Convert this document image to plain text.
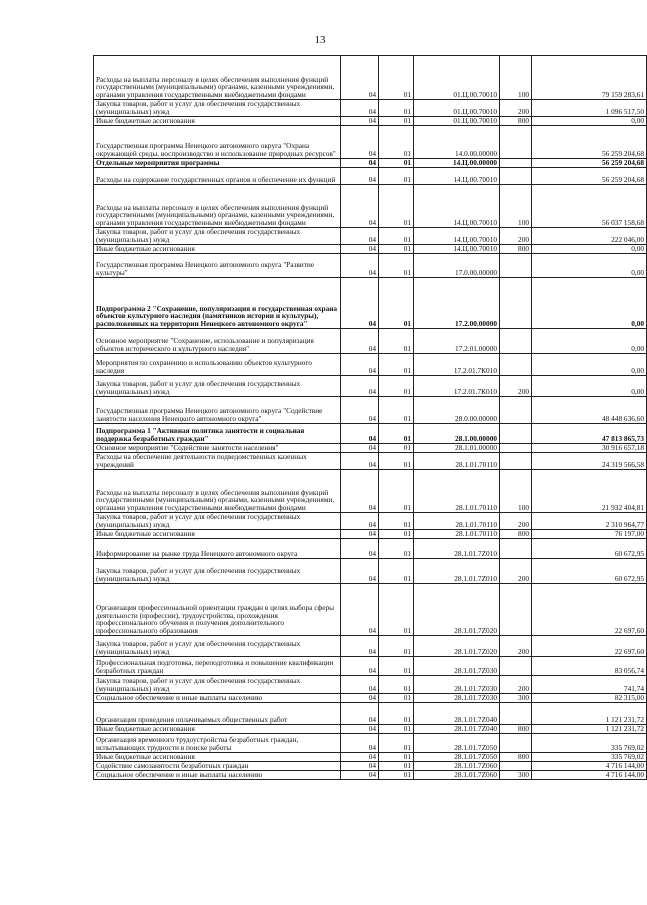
13
Расходы на выплаты персоналу в целях обеспечения выполнения функций государственными (муниципальными) органами, казенными учреждениями, органами управления государственными внебюджетными фондами	04	01	01.Ц.00.70010	100	79 159 283,61
Закупка товаров, работ и услуг для обеспечения государственных (муниципальных) нужд	04	01	01.Ц.00.70010	200	1 096 517,50
Иные бюджетные ассигнования	04	01	01.Ц.00.70010	800	0,00
Государственная программа Ненецкого автономного округа "Охрана окружающей среды, воспроизводство и использование природных ресурсов"	04	01	14.0.00.00000		56 259 204,68
Отдельные мероприятия программы	04	01	14.Ц.00.00000		56 259 204,68
Расходы на содержание государственных органов и обеспечение их функций	04	01	14.Ц.00.70010		56 259 204,68
Расходы на выплаты персоналу в целях обеспечения выполнения функций государственными (муниципальными) органами, казенными учреждениями, органами управления государственными внебюджетными фондами	04	01	14.Ц.00.70010	100	56 037 158,68
Закупка товаров, работ и услуг для обеспечения государственных (муниципальных) нужд	04	01	14.Ц.00.70010	200	222 046,00
Иные бюджетные ассигнования	04	01	14.Ц.00.70010	800	0,00
Государственная программа Ненецкого автономного округа "Развитие культуры"	04	01	17.0.00.00000		0,00
Подпрограмма 2 "Сохранение, популяризация и государственная охрана объектов культурного наследия (памятников истории и культуры), расположенных на территории Ненецкого автономного округа"	04	01	17.2.00.00000		0,00
Основное мероприятие "Сохранение, использование и популяризация объектов исторического и культурного наследия"	04	01	17.2.01.00000		0,00
Мероприятия по сохранению и использованию объектов культурного наследия	04	01	17.2.01.7К010		0,00
Закупка товаров, работ и услуг для обеспечения государственных (муниципальных) нужд	04	01	17.2.01.7К010	200	0,00
Государственная программа Ненецкого автономного округа "Содействие занятости населения Ненецкого автономного округа"	04	01	28.0.00.00000		48 448 636,60
Подпрограмма 1 "Активная политика занятости и социальная поддержка безработных граждан"	04	01	28.1.00.00000		47 813 865,73
Основное мероприятие "Содействие занятости населения"	04	01	28.1.01.00000		30 916 657,18
Расходы на обеспечение деятельности подведомственных казенных учреждений	04	01	28.1.01.70110		24 319 566,58
Расходы на выплаты персоналу в целях обеспечения выполнения функций государственными (муниципальными) органами, казенными учреждениями, органами управления государственными внебюджетными фондами	04	01	28.1.01.70110	100	21 932 404,81
Закупка товаров, работ и услуг для обеспечения государственных (муниципальных) нужд	04	01	28.1.01.70110	200	2 310 964,77
Иные бюджетные ассигнования	04	01	28.1.01.70110	800	76 197,00
Информирование на рынке труда Ненецкого автономного округа	04	01	28.1.01.7Z010		60 672,95
Закупка товаров, работ и услуг для обеспечения государственных (муниципальных) нужд	04	01	28.1.01.7Z010	200	60 672,95
Организация профессиональной ориентации граждан в целях выбора сферы деятельности (профессии), трудоустройства, прохождения профессионального обучения и получения дополнительного профессионального образования	04	01	28.1.01.7Z020		22 697,60
Закупка товаров, работ и услуг для обеспечения государственных (муниципальных) нужд	04	01	28.1.01.7Z020	200	22 697,60
Профессиональная подготовка, переподготовка и повышение квалификации безработных граждан	04	01	28.1.01.7Z030		83 056,74
Закупка товаров, работ и услуг для обеспечения государственных (муниципальных) нужд	04	01	28.1.01.7Z030	200	741,74
Социальное обеспечение и иные выплаты населению	04	01	28.1.01.7Z030	300	82 315,00
Организация проведения оплачиваемых общественных работ	04	01	28.1.01.7Z040		1 121 231,72
Иные бюджетные ассигнования	04	01	28.1.01.7Z040	800	1 121 231,72
Организация временного трудоустройства безработных граждан, испытывающих трудности в поиске работы	04	01	28.1.01.7Z050		335 769,02
Иные бюджетные ассигнования	04	01	28.1.01.7Z050	800	335 769,02
Содействие самозанятости безработных граждан	04	01	28.1.01.7Z060		4 716 144,00
Социальное обеспечение и иные выплаты населению	04	01	28.1.01.7Z060	300	4 716 144,00
